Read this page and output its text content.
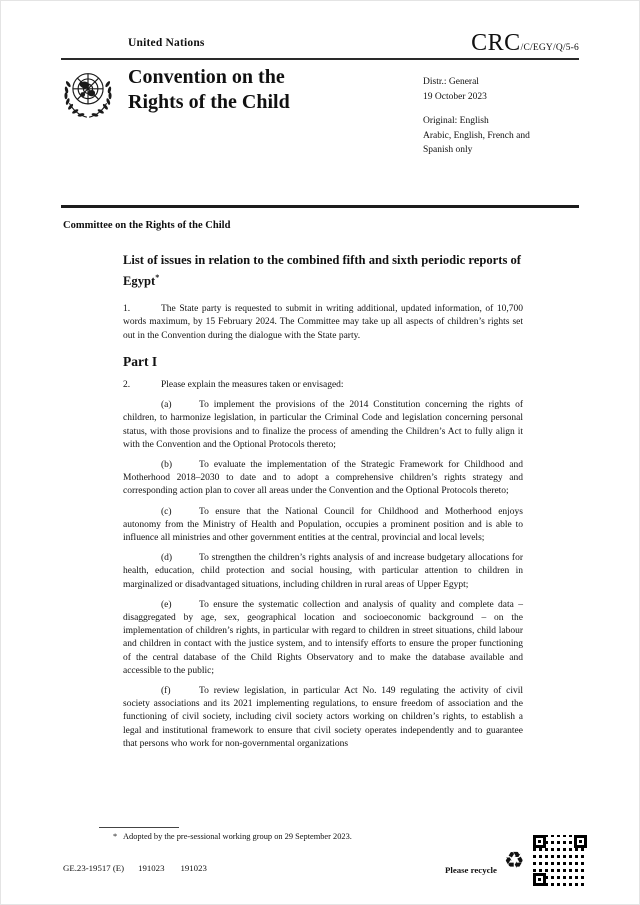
United Nations	CRC /C/EGY/Q/5-6
Convention on the
Rights of the Child
Distr.: General
19 October 2023
Original: English
Arabic, English, French and
Spanish only
Committee on the Rights of the Child
List of issues in relation to the combined fifth and sixth periodic reports of Egypt*

1.	The State party is requested to submit in writing additional, updated information, of 10,700 words maximum, by 15 February 2024. The Committee may take up all aspects of children’s rights set out in the Convention during the dialogue with the State party.

Part I

2.	Please explain the measures taken or envisaged:

(a)	To implement the provisions of the 2014 Constitution concerning the rights of children, to harmonize legislation, in particular the Criminal Code and legislation concerning personal status, with those provisions and to finalize the process of amending the Children’s Act to fully align it with the Convention and the Optional Protocols thereto;

(b)	To evaluate the implementation of the Strategic Framework for Childhood and Motherhood 2018–2030 to date and to adopt a comprehensive children’s rights strategy and corresponding action plan to cover all areas under the Convention and the Optional Protocols thereto;

(c)	To ensure that the National Council for Childhood and Motherhood enjoys autonomy from the Ministry of Health and Population, occupies a prominent position and is able to influence all ministries and other government entities at the central, provincial and local levels;

(d)	To strengthen the children’s rights analysis of and increase budgetary allocations for health, education, child protection and social housing, with particular attention to children in marginalized or disadvantaged situations, including children in rural areas of Upper Egypt;

(e)	To ensure the systematic collection and analysis of quality and complete data – disaggregated by age, sex, geographical location and socioeconomic background – on the implementation of children’s rights, in particular with regard to children in street situations, child labour and children in contact with the justice system, and to intensify efforts to ensure the proper functioning of the central database of the Child Rights Observatory and to make the database available and accessible to the public;

(f)	To review legislation, in particular Act No. 149 regulating the activity of civil society associations and its 2021 implementing regulations, to ensure freedom of association and the functioning of civil society, including civil society actors working on children’s rights, to establish a legal and institutional framework to ensure that civil society operates independently and to guarantee that persons who work for non-governmental organizations

* Adopted by the pre-sessional working group on 29 September 2023.
GE.23-19517 (E) 191023 191023	Please recycle ♻
